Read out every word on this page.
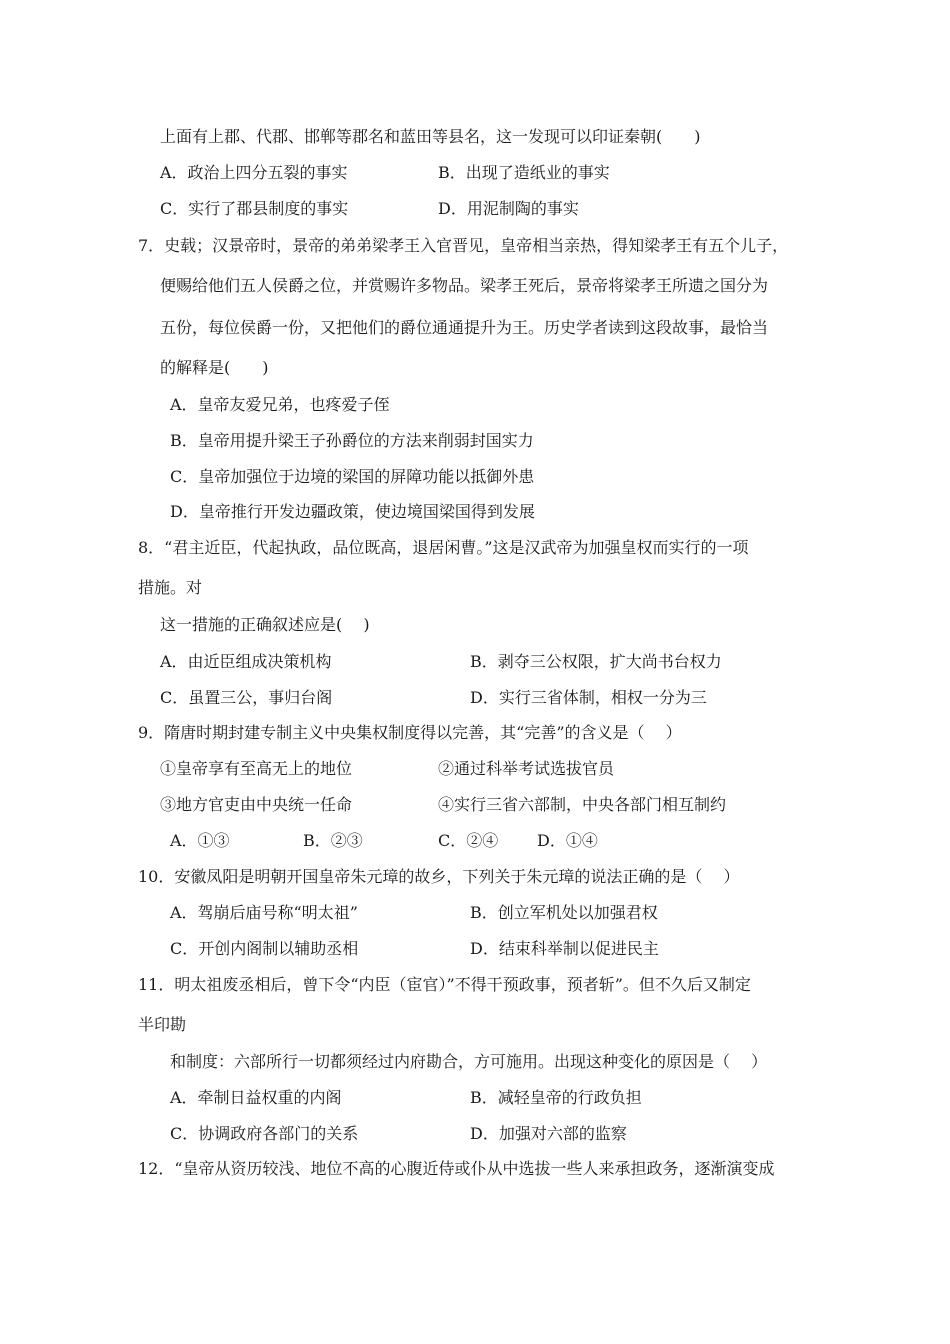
上面有上郡、代郡、邯郸等郡名和蓝田等县名，这一发现可以印证秦朝(　　)
A．政治上四分五裂的事实	B．出现了造纸业的事实
C．实行了郡县制度的事实	D．用泥制陶的事实
7．史载；汉景帝时，景帝的弟弟梁孝王入官晋见，皇帝相当亲热，得知梁孝王有五个儿子，
便赐给他们五人侯爵之位，并赏赐许多物品。梁孝王死后，景帝将梁孝王所遗之国分为
五份，每位侯爵一份，又把他们的爵位通通提升为王。历史学者读到这段故事，最恰当
的解释是(　　)
A．皇帝友爱兄弟，也疼爱子侄
B．皇帝用提升梁王子孙爵位的方法来削弱封国实力
C．皇帝加强位于边境的梁国的屏障功能以抵御外患
D．皇帝推行开发边疆政策，使边境国梁国得到发展
8．“君主近臣，代起执政，品位既高，退居闲曹。”这是汉武帝为加强皇权而实行的一项
措施。对
这一措施的正确叙述应是(　 )
A．由近臣组成决策机构	B．剥夺三公权限，扩大尚书台权力
C．虽置三公，事归台阁	D．实行三省体制，相权一分为三
9．隋唐时期封建专制主义中央集权制度得以完善，其“完善”的含义是（　 ）
①皇帝享有至高无上的地位	②通过科举考试选拔官员
③地方官吏由中央统一任命	④实行三省六部制，中央各部门相互制约
A．①③	B．②③	C．②④ D．①④
10．安徽凤阳是明朝开国皇帝朱元璋的故乡，下列关于朱元璋的说法正确的是（　 ）
A．驾崩后庙号称“明太祖”	B．创立军机处以加强君权
C．开创内阁制以辅助丞相	D．结束科举制以促进民主
11．明太祖废丞相后，曾下令“内臣（宦官）”不得干预政事，预者斩”。但不久后又制定
半印勘
和制度：六部所行一切都须经过内府勘合，方可施用。出现这种变化的原因是（　 ）
A．牵制日益权重的内阁	B．减轻皇帝的行政负担
C．协调政府各部门的关系	D．加强对六部的监察
12．“皇帝从资历较浅、地位不高的心腹近侍或仆从中选拔一些人来承担政务，逐渐演变成
